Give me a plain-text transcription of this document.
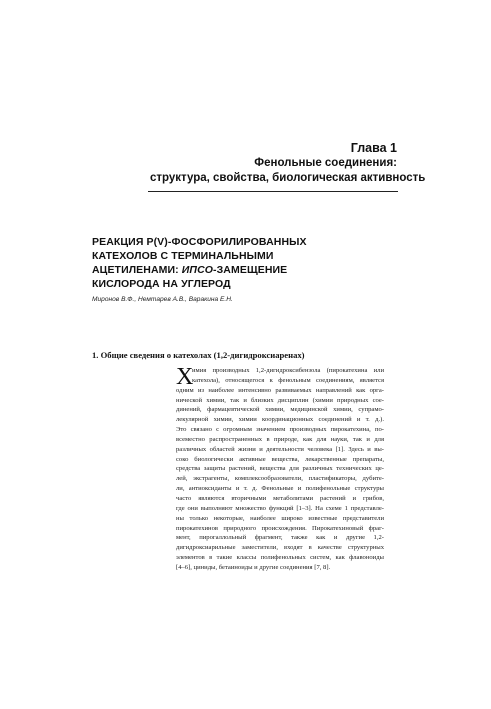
Глава 1
Фенольные соединения:
структура, свойства, биологическая активность
РЕАКЦИЯ Р(V)-ФОСФОРИЛИРОВАННЫХ
КАТЕХОЛОВ С ТЕРМИНАЛЬНЫМИ
АЦЕТИЛЕНАМИ: ИПСО-ЗАМЕЩЕНИЕ
КИСЛОРОДА НА УГЛЕРОД
Миронов В.Ф., Немтарев А.В., Варакина Е.Н.
1. Общие сведения о катехолах (1,2-дигидроксиаренах)
Х
имия производных 1,2-дигидроксибензола (пирокатехина или
катехола), относящегося к фенольным соединениям, является
одним из наиболее интенсивно развиваемых направлений как орга-
нической химии, так и близких дисциплин (химии природных сое-
динений, фармацевтической химии, медицинской химии, супрамо-
лекулярной химии, химии координационных соединений и т. д.).
Это связано с огромным значением производных пирокатехина, по-
всеместно распространенных в природе, как для науки, так и для
различных областей жизни и деятельности человека [1]. Здесь и вы-
соко биологически активные вещества, лекарственные препараты,
средства защиты растений, вещества для различных технических це-
лей, экстрагенты, комплексообразователи, пластификаторы, дубите-
ли, антиоксиданты и т. д. Фенольные и полифенольные структуры
часто являются вторичными метаболитами растений и грибов,
где они выполняют множество функций [1–3]. На схеме 1 представле-
ны только некоторые, наиболее широко известные представители
пирокатехинов природного происхождения. Пирокатехиновый фраг-
мент, пирогаллольный фрагмент, также как и другие 1,2-
дигидроксиарильные заместители, входят в качестве структурных
элементов в такие классы полифенольных систем, как флавоноиды
[4–6], циниды, бетаиноиды и другие соединения [7, 8].
